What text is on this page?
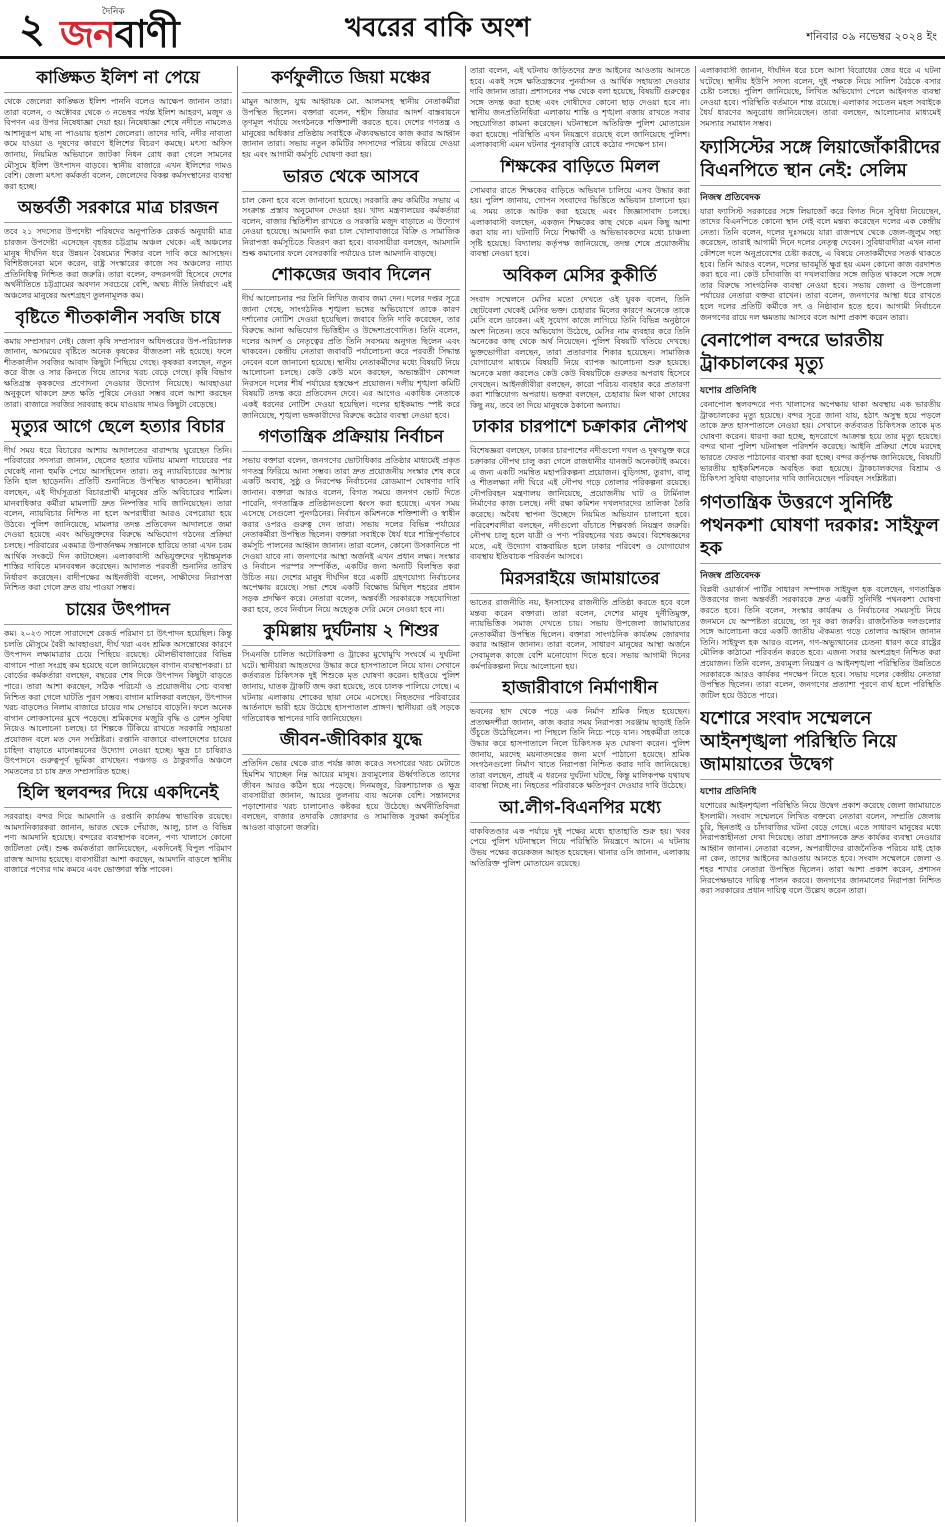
২	দৈনিক
জনবাণী	খবরের বাকি অংশ	শনিবার ০৯ নভেম্বর ২০২৪ ইং
কাঙ্ক্ষিত ইলিশ না পেয়ে

থেকে জেলেরা কাঙ্ক্ষিত ইলিশ পাননি বলেও আক্ষেপ জানান তারা। তারা বলেন, ৩ অক্টোবর থেকে ৩ নভেম্বর পর্যন্ত ইলিশ আহরণ, মজুদ ও বিপণন এর উপর নিষেধাজ্ঞা দেয়া হয়। নিষেধাজ্ঞা শেষে নদীতে নামলেও আশানুরূপ মাছ না পাওয়ায় হতাশ জেলেরা। তাদের দাবি, নদীর নাব্যতা কমে যাওয়া ও দূষণের কারণে ইলিশের বিচরণ কমছে। মৎস্য অফিস জানায়, নিয়মিত অভিযানে জাটকা নিধন রোধ করা গেলে সামনের মৌসুমে ইলিশ উৎপাদন বাড়বে। স্থানীয় বাজারে এখন ইলিশের দামও বেশি। জেলা মৎস্য কর্মকর্তা বলেন, জেলেদের বিকল্প কর্মসংস্থানের ব্যবস্থা করা হচ্ছে।

অন্তর্বর্তী সরকারে মাত্র চারজন

তবে ২১ সদস্যের উপদেষ্টা পরিষদের অনুপাতিক রেকর্ড অনুযায়ী মাত্র চারজন উপদেষ্টা এসেছেন বৃহত্তর চট্টগ্রাম অঞ্চল থেকে। এই অঞ্চলের মানুষ দীর্ঘদিন ধরে উন্নয়ন বৈষম্যের শিকার বলে দাবি করে আসছেন। বিশিষ্টজনেরা মনে করেন, রাষ্ট্র সংস্কারের কাজে সব অঞ্চলের ন্যায্য প্রতিনিধিত্ব নিশ্চিত করা জরুরি। তারা বলেন, বন্দরনগরী হিসেবে দেশের অর্থনীতিতে চট্টগ্রামের অবদান সবচেয়ে বেশি, অথচ নীতি নির্ধারণে এই অঞ্চলের মানুষের অংশগ্রহণ তুলনামূলক কম।

বৃষ্টিতে শীতকালীন সবজি চাষে

কমায় সম্প্রসারণ নেই। জেলা কৃষি সম্প্রসারণ অধিদপ্তরের উপ-পরিচালক জানান, অসময়ের বৃষ্টিতে অনেক কৃষকের বীজতলা নষ্ট হয়েছে। ফলে শীতকালীন সবজির আবাদ কিছুটা পিছিয়ে গেছে। কৃষকরা বলছেন, নতুন করে বীজ ও সার কিনতে গিয়ে তাদের খরচ বেড়ে গেছে। কৃষি বিভাগ ক্ষতিগ্রস্ত কৃষকদের প্রণোদনা দেওয়ার উদ্যোগ নিয়েছে। আবহাওয়া অনুকূলে থাকলে দ্রুত ক্ষতি পুষিয়ে নেওয়া সম্ভব বলে আশা করছেন তারা। বাজারে সবজির সরবরাহ কমে যাওয়ায় দামও কিছুটা বেড়েছে।

মৃত্যুর আগে ছেলে হত্যার বিচার

দীর্ঘ সময় ধরে বিচারের আশায় আদালতের বারান্দায় ঘুরেছেন তিনি। পরিবারের সদস্যরা জানান, ছেলের হত্যার ঘটনায় মামলা দায়েরের পর থেকেই নানা হুমকি পেয়ে আসছিলেন তারা। তবু ন্যায়বিচারের আশায় তিনি হাল ছাড়েননি। প্রতিটি শুনানিতে উপস্থিত থাকতেন। স্থানীয়রা বলছেন, এই দীর্ঘসূত্রতা বিচারপ্রার্থী মানুষের প্রতি অবিচারের শামিল। মানবাধিকার কর্মীরা মামলাটি দ্রুত নিষ্পত্তির দাবি জানিয়েছেন। তারা বলেন, ন্যায়বিচার নিশ্চিত না হলে অপরাধীরা আরও বেপরোয়া হয়ে উঠবে। পুলিশ জানিয়েছে, মামলার তদন্ত প্রতিবেদন আদালতে জমা দেওয়া হয়েছে এবং অভিযুক্তদের বিরুদ্ধে অভিযোগ গঠনের প্রক্রিয়া চলছে। পরিবারের একমাত্র উপার্জনক্ষম সন্তানকে হারিয়ে তারা এখন চরম আর্থিক সংকটে দিন কাটাচ্ছেন। এলাকাবাসী অভিযুক্তদের দৃষ্টান্তমূলক শাস্তির দাবিতে মানববন্ধন করেছেন। আদালত পরবর্তী শুনানির তারিখ নির্ধারণ করেছেন। বাদীপক্ষের আইনজীবী বলেন, সাক্ষীদের নিরাপত্তা নিশ্চিত করা গেলে দ্রুত রায় পাওয়া সম্ভব।

চায়ের উৎপাদন

কম। ২০২৩ সালে সারাদেশে রেকর্ড পরিমাণ চা উৎপাদন হয়েছিল। কিন্তু চলতি মৌসুমে বৈরী আবহাওয়া, দীর্ঘ খরা এবং শ্রমিক অসন্তোষের কারণে উৎপাদন লক্ষ্যমাত্রার চেয়ে পিছিয়ে রয়েছে। মৌলভীবাজারের বিভিন্ন বাগানে পাতা সংগ্রহ কম হয়েছে বলে জানিয়েছেন বাগান ব্যবস্থাপকরা। চা বোর্ডের কর্মকর্তারা বলছেন, বছরের শেষ দিকে উৎপাদন কিছুটা বাড়তে পারে। তারা আশা করছেন, সঠিক পরিচর্যা ও প্রয়োজনীয় সেচ ব্যবস্থা নিশ্চিত করা গেলে ঘাটতি পূরণ সম্ভব। বাগান মালিকরা বলছেন, উৎপাদন খরচ বাড়লেও নিলাম বাজারে চায়ের দাম সেভাবে বাড়েনি। ফলে অনেক বাগান লোকসানের মুখে পড়েছে। শ্রমিকদের মজুরি বৃদ্ধি ও রেশন সুবিধা নিয়েও আলোচনা চলছে। চা শিল্পকে টিকিয়ে রাখতে সরকারি সহায়তা প্রয়োজন বলে মত দেন সংশ্লিষ্টরা। রপ্তানি বাজারে বাংলাদেশের চায়ের চাহিদা বাড়াতে মানোন্নয়নের উদ্যোগ নেওয়া হচ্ছে। ক্ষুদ্র চা চাষিরাও উৎপাদনে গুরুত্বপূর্ণ ভূমিকা রাখছেন। পঞ্চগড় ও ঠাকুরগাঁও অঞ্চলে সমতলের চা চাষ দ্রুত সম্প্রসারিত হচ্ছে।

হিলি স্থলবন্দর দিয়ে একদিনেই

সরবরাহ। বন্দর দিয়ে আমদানি ও রপ্তানি কার্যক্রম স্বাভাবিক রয়েছে। আমদানিকারকরা জানান, ভারত থেকে পেঁয়াজ, আলু, চাল ও বিভিন্ন পণ্য আমদানি হয়েছে। বন্দরের ব্যবস্থাপক বলেন, পণ্য খালাসে কোনো জটিলতা নেই। শুল্ক কর্মকর্তারা জানিয়েছেন, একদিনেই বিপুল পরিমাণ রাজস্ব আদায় হয়েছে। ব্যবসায়ীরা আশা করছেন, আমদানি বাড়লে স্থানীয় বাজারে পণ্যের দাম কমবে এবং ভোক্তারা স্বস্তি পাবেন।

কর্ণফুলীতে জিয়া মঞ্চের

মামুন আজাদ, যুগ্ম আহ্বায়ক মো. আলমসহ স্থানীয় নেতাকর্মীরা উপস্থিত ছিলেন। বক্তারা বলেন, শহীদ জিয়ার আদর্শ বাস্তবায়নে তৃণমূল পর্যায়ে সংগঠনকে শক্তিশালী করতে হবে। দেশের গণতন্ত্র ও মানুষের অধিকার প্রতিষ্ঠায় সবাইকে ঐক্যবদ্ধভাবে কাজ করার আহ্বান জানান তারা। সভায় নতুন কমিটির সদস্যদের পরিচয় করিয়ে দেওয়া হয় এবং আগামী কর্মসূচি ঘোষণা করা হয়।

ভারত থেকে আসবে

চাল কেনা হবে বলে জানানো হয়েছে। সরকারি ক্রয় কমিটির সভায় এ সংক্রান্ত প্রস্তাব অনুমোদন দেওয়া হয়। খাদ্য মন্ত্রণালয়ের কর্মকর্তারা বলেন, বাজার স্থিতিশীল রাখতে ও সরকারি মজুদ বাড়াতে এ উদ্যোগ নেওয়া হয়েছে। আমদানি করা চাল খোলাবাজারে বিক্রি ও সামাজিক নিরাপত্তা কর্মসূচিতে বিতরণ করা হবে। ব্যবসায়ীরা বলছেন, আমদানি শুল্ক কমানোর ফলে বেসরকারি পর্যায়েও চাল আমদানি বাড়ছে।

শোকজের জবাব দিলেন

দীর্ঘ আলোচনার পর তিনি লিখিত জবাব জমা দেন। দলের দপ্তর সূত্রে জানা গেছে, সাংগঠনিক শৃঙ্খলা ভঙ্গের অভিযোগে তাকে কারণ দর্শানোর নোটিশ দেওয়া হয়েছিল। জবাবে তিনি দাবি করেছেন, তার বিরুদ্ধে আনা অভিযোগ ভিত্তিহীন ও উদ্দেশ্যপ্রণোদিত। তিনি বলেন, দলের আদর্শ ও নেতৃত্বের প্রতি তিনি সবসময় অনুগত ছিলেন এবং থাকবেন। কেন্দ্রীয় নেতারা জবাবটি পর্যালোচনা করে পরবর্তী সিদ্ধান্ত নেবেন বলে জানানো হয়েছে। স্থানীয় নেতাকর্মীদের মধ্যে বিষয়টি নিয়ে আলোচনা চলছে। কেউ কেউ মনে করছেন, অভ্যন্তরীণ কোন্দল নিরসনে দলের শীর্ষ পর্যায়ের হস্তক্ষেপ প্রয়োজন। দলীয় শৃঙ্খলা কমিটি বিষয়টি তদন্ত করে প্রতিবেদন দেবে। এর আগেও একাধিক নেতাকে একই ধরনের নোটিশ দেওয়া হয়েছিল। দলের হাইকমান্ড স্পষ্ট করে জানিয়েছে, শৃঙ্খলা ভঙ্গকারীদের বিরুদ্ধে কঠোর ব্যবস্থা নেওয়া হবে।

গণতান্ত্রিক প্রক্রিয়ায় নির্বাচন

সভায় বক্তারা বলেন, জনগণের ভোটাধিকার প্রতিষ্ঠার মাধ্যমেই প্রকৃত গণতন্ত্র ফিরিয়ে আনা সম্ভব। তারা দ্রুত প্রয়োজনীয় সংস্কার শেষ করে একটি অবাধ, সুষ্ঠু ও নিরপেক্ষ নির্বাচনের রোডম্যাপ ঘোষণার দাবি জানান। বক্তারা আরও বলেন, বিগত সময়ে জনগণ ভোট দিতে পারেনি, গণতান্ত্রিক প্রতিষ্ঠানগুলো ধ্বংস করা হয়েছে। এখন সময় এসেছে সেগুলো পুনর্গঠনের। নির্বাচন কমিশনকে শক্তিশালী ও স্বাধীন করার ওপরও গুরুত্ব দেন তারা। সভায় দলের বিভিন্ন পর্যায়ের নেতাকর্মীরা উপস্থিত ছিলেন। বক্তারা সবাইকে ধৈর্য ধরে শান্তিপূর্ণভাবে কর্মসূচি পালনের আহ্বান জানান। তারা বলেন, কোনো উসকানিতে পা দেওয়া যাবে না। জনগণের আস্থা অর্জনই এখন প্রধান লক্ষ্য। সংস্কার ও নির্বাচন পরস্পর সম্পর্কিত, একটির জন্য অন্যটি বিলম্বিত করা উচিত নয়। দেশের মানুষ দীর্ঘদিন ধরে একটি গ্রহণযোগ্য নির্বাচনের অপেক্ষায় রয়েছে। সভা শেষে একটি বিক্ষোভ মিছিল শহরের প্রধান সড়ক প্রদক্ষিণ করে। নেতারা বলেন, অন্তর্বর্তী সরকারকে সহযোগিতা করা হবে, তবে নির্বাচন নিয়ে অহেতুক দেরি মেনে নেওয়া হবে না।

কুমিল্লায় দুর্ঘটনায় ২ শিশুর

সিএনজি চালিত অটোরিকশা ও ট্রাকের মুখোমুখি সংঘর্ষে এ দুর্ঘটনা ঘটে। স্থানীয়রা আহতদের উদ্ধার করে হাসপাতালে নিয়ে যান। সেখানে কর্তব্যরত চিকিৎসক দুই শিশুকে মৃত ঘোষণা করেন। হাইওয়ে পুলিশ জানায়, ঘাতক ট্রাকটি জব্দ করা হয়েছে, তবে চালক পালিয়ে গেছে। এ ঘটনায় এলাকায় শোকের ছায়া নেমে এসেছে। নিহতদের পরিবারের আর্তনাদে ভারী হয়ে উঠেছে হাসপাতাল প্রাঙ্গণ। স্থানীয়রা ওই সড়কে গতিরোধক স্থাপনের দাবি জানিয়েছেন।

জীবন-জীবিকার যুদ্ধে

প্রতিদিন ভোর থেকে রাত পর্যন্ত কাজ করেও সংসারের খরচ মেটাতে হিমশিম খাচ্ছেন নিম্ন আয়ের মানুষ। দ্রব্যমূল্যের ঊর্ধ্বগতিতে তাদের জীবন আরও কঠিন হয়ে পড়েছে। দিনমজুর, রিকশাচালক ও ক্ষুদ্র ব্যবসায়ীরা জানান, আয়ের তুলনায় ব্যয় অনেক বেশি। সন্তানদের পড়াশোনার খরচ চালানোও কষ্টকর হয়ে উঠেছে। অর্থনীতিবিদরা বলছেন, বাজার তদারকি জোরদার ও সামাজিক সুরক্ষা কর্মসূচির আওতা বাড়ানো জরুরি।

তারা বলেন, এই ঘটনায় জড়িতদের দ্রুত আইনের আওতায় আনতে হবে। একই সঙ্গে ক্ষতিগ্রস্তদের পুনর্বাসন ও আর্থিক সহায়তা দেওয়ার দাবি জানান তারা। প্রশাসনের পক্ষ থেকে বলা হয়েছে, বিষয়টি গুরুত্বের সঙ্গে তদন্ত করা হচ্ছে এবং দোষীদের কোনো ছাড় দেওয়া হবে না। স্থানীয় জনপ্রতিনিধিরা এলাকায় শান্তি ও শৃঙ্খলা বজায় রাখতে সবার সহযোগিতা কামনা করেছেন। ঘটনাস্থলে অতিরিক্ত পুলিশ মোতায়েন করা হয়েছে। পরিস্থিতি এখন নিয়ন্ত্রণে রয়েছে বলে জানিয়েছে পুলিশ। এলাকাবাসী এমন ঘটনার পুনরাবৃত্তি রোধে কঠোর পদক্ষেপ চান।

শিক্ষকের বাড়িতে মিলল

সোমবার রাতে শিক্ষকের বাড়িতে অভিযান চালিয়ে এসব উদ্ধার করা হয়। পুলিশ জানায়, গোপন সংবাদের ভিত্তিতে অভিযান চালানো হয়। এ সময় তাকে আটক করা হয়েছে এবং জিজ্ঞাসাবাদ চলছে। এলাকাবাসী বলছেন, একজন শিক্ষকের কাছ থেকে এমন কিছু আশা করা যায় না। ঘটনাটি নিয়ে শিক্ষার্থী ও অভিভাবকদের মধ্যে চাঞ্চল্য সৃষ্টি হয়েছে। বিদ্যালয় কর্তৃপক্ষ জানিয়েছে, তদন্ত শেষে প্রয়োজনীয় ব্যবস্থা নেওয়া হবে।

অবিকল মেসির কুকীর্তি

সংবাদ সম্মেলনে মেসির মতো দেখতে ওই যুবক বলেন, তিনি ছোটবেলা থেকেই মেসির ভক্ত। চেহারার মিলের কারণে অনেকে তাকে মেসি বলে ডাকেন। এই সুযোগ কাজে লাগিয়ে তিনি বিভিন্ন অনুষ্ঠানে অংশ নিতেন। তবে অভিযোগ উঠেছে, মেসির নাম ব্যবহার করে তিনি অনেকের কাছ থেকে অর্থ নিয়েছেন। পুলিশ বিষয়টি খতিয়ে দেখছে। ভুক্তভোগীরা বলছেন, তারা প্রতারণার শিকার হয়েছেন। সামাজিক যোগাযোগ মাধ্যমে বিষয়টি নিয়ে ব্যাপক আলোচনা শুরু হয়েছে। অনেকে মজা করলেও কেউ কেউ বিষয়টিকে গুরুতর অপরাধ হিসেবে দেখছেন। আইনজীবীরা বলছেন, কারো পরিচয় ব্যবহার করে প্রতারণা করা শাস্তিযোগ্য অপরাধ। ভক্তরা বলছেন, চেহারায় মিল থাকা দোষের কিছু নয়, তবে তা দিয়ে মানুষকে ঠকানো অন্যায়।

ঢাকার চারপাশে চক্রাকার নৌপথ

বিশেষজ্ঞরা বলছেন, ঢাকার চারপাশের নদীগুলো দখল ও দূষণমুক্ত করে চক্রাকার নৌপথ চালু করা গেলে রাজধানীর যানজট অনেকটাই কমবে। এ জন্য একটি সমন্বিত মহাপরিকল্পনা প্রয়োজন। বুড়িগঙ্গা, তুরাগ, বালু ও শীতলক্ষ্যা নদী ঘিরে এই নৌপথ গড়ে তোলার পরিকল্পনা রয়েছে। নৌপরিবহন মন্ত্রণালয় জানিয়েছে, প্রয়োজনীয় ঘাট ও টার্মিনাল নির্মাণের কাজ চলছে। নদী রক্ষা কমিশন দখলদারদের তালিকা তৈরি করেছে। অবৈধ স্থাপনা উচ্ছেদে নিয়মিত অভিযান চালানো হবে। পরিবেশবাদীরা বলছেন, নদীগুলো বাঁচাতে শিল্পবর্জ্য নিয়ন্ত্রণ জরুরি। নৌপথ চালু হলে যাত্রী ও পণ্য পরিবহনের খরচ কমবে। বিশেষজ্ঞদের মতে, এই উদ্যোগ বাস্তবায়িত হলে ঢাকার পরিবেশ ও যোগাযোগ ব্যবস্থায় ইতিবাচক পরিবর্তন আসবে।

মিরসরাইয়ে জামায়াতের

ভাতের রাজনীতি নয়, ইনসাফের রাজনীতি প্রতিষ্ঠা করতে হবে বলে মন্তব্য করেন বক্তারা। তারা বলেন, দেশের মানুষ দুর্নীতিমুক্ত, ন্যায়ভিত্তিক সমাজ দেখতে চায়। সভায় উপজেলা জামায়াতের নেতাকর্মীরা উপস্থিত ছিলেন। বক্তারা সাংগঠনিক কার্যক্রম জোরদার করার আহ্বান জানান। তারা বলেন, সাধারণ মানুষের আস্থা অর্জনে সেবামূলক কাজে বেশি মনোযোগ দিতে হবে। সভায় আগামী দিনের কর্মপরিকল্পনা নিয়ে আলোচনা হয়।

হাজারীবাগে নির্মাণাধীন

ভবনের ছাদ থেকে পড়ে এক নির্মাণ শ্রমিক নিহত হয়েছেন। প্রত্যক্ষদর্শীরা জানান, কাজ করার সময় নিরাপত্তা সরঞ্জাম ছাড়াই তিনি উঁচুতে উঠেছিলেন। পা পিছলে তিনি নিচে পড়ে যান। সহকর্মীরা তাকে উদ্ধার করে হাসপাতালে নিলে চিকিৎসক মৃত ঘোষণা করেন। পুলিশ জানায়, মরদেহ ময়নাতদন্তের জন্য মর্গে পাঠানো হয়েছে। শ্রমিক সংগঠনগুলো নির্মাণ খাতে নিরাপত্তা নিশ্চিত করার দাবি জানিয়েছে। তারা বলছেন, প্রায়ই এ ধরনের দুর্ঘটনা ঘটছে, কিন্তু মালিকপক্ষ যথাযথ ব্যবস্থা নিচ্ছে না। নিহতের পরিবারকে ক্ষতিপূরণ দেওয়ার দাবি উঠেছে।

আ.লীগ-বিএনপির মধ্যে

বাকবিতণ্ডার এক পর্যায়ে দুই পক্ষের মধ্যে হাতাহাতি শুরু হয়। খবর পেয়ে পুলিশ ঘটনাস্থলে গিয়ে পরিস্থিতি নিয়ন্ত্রণে আনে। এ ঘটনায় উভয় পক্ষের কয়েকজন আহত হয়েছেন। থানার ওসি জানান, এলাকায় অতিরিক্ত পুলিশ মোতায়েন রয়েছে।

এলাকাবাসী জানান, দীর্ঘদিন ধরে চলে আসা বিরোধের জের ধরে এ ঘটনা ঘটেছে। স্থানীয় ইউপি সদস্য বলেন, দুই পক্ষকে নিয়ে সালিশ বৈঠকে বসার চেষ্টা চলছে। পুলিশ জানিয়েছে, লিখিত অভিযোগ পেলে আইনগত ব্যবস্থা নেওয়া হবে। পরিস্থিতি বর্তমানে শান্ত রয়েছে। এলাকার সচেতন মহল সবাইকে ধৈর্য ধারণের অনুরোধ জানিয়েছেন। তারা বলছেন, আলোচনার মাধ্যমেই সমস্যার সমাধান সম্ভব।

ফ্যাসিস্টের সঙ্গে লিয়াজোঁকারীদের বিএনপিতে স্থান নেই: সেলিম

নিজস্ব প্রতিবেদক

যারা ফ্যাসিস্ট সরকারের সঙ্গে লিয়াজোঁ করে বিগত দিনে সুবিধা নিয়েছেন, তাদের বিএনপিতে কোনো স্থান নেই বলে মন্তব্য করেছেন দলের এক কেন্দ্রীয় নেতা। তিনি বলেন, দলের দুঃসময়ে যারা রাজপথে থেকে জেল-জুলুম সহ্য করেছেন, তারাই আগামী দিনে দলের নেতৃত্ব দেবেন। সুবিধাবাদীরা এখন নানা কৌশলে দলে অনুপ্রবেশের চেষ্টা করছে, এ বিষয়ে নেতাকর্মীদের সতর্ক থাকতে হবে। তিনি আরও বলেন, দলের ভাবমূর্তি ক্ষুণ্ণ হয় এমন কোনো কাজ বরদাশত করা হবে না। কেউ চাঁদাবাজি বা দখলবাজির সঙ্গে জড়িত থাকলে সঙ্গে সঙ্গে তার বিরুদ্ধে সাংগঠনিক ব্যবস্থা নেওয়া হবে। সভায় জেলা ও উপজেলা পর্যায়ের নেতারা বক্তব্য রাখেন। তারা বলেন, জনগণের আস্থা ধরে রাখতে হলে দলের প্রতিটি কর্মীকে সৎ ও নিষ্ঠাবান হতে হবে। আগামী নির্বাচনে জনগণের রায়ে দল ক্ষমতায় আসবে বলে আশা প্রকাশ করেন তারা।

বেনাপোল বন্দরে ভারতীয় ট্রাকচালকের মৃত্যু

যশোর প্রতিনিধি

বেনাপোল স্থলবন্দরে পণ্য খালাসের অপেক্ষায় থাকা অবস্থায় এক ভারতীয় ট্রাকচালকের মৃত্যু হয়েছে। বন্দর সূত্রে জানা যায়, হঠাৎ অসুস্থ হয়ে পড়লে তাকে দ্রুত হাসপাতালে নেওয়া হয়। সেখানে কর্তব্যরত চিকিৎসক তাকে মৃত ঘোষণা করেন। ধারণা করা হচ্ছে, হৃদরোগে আক্রান্ত হয়ে তার মৃত্যু হয়েছে। বন্দর থানা পুলিশ ঘটনাস্থল পরিদর্শন করেছে। আইনি প্রক্রিয়া শেষে মরদেহ ভারতে ফেরত পাঠানোর ব্যবস্থা করা হচ্ছে। বন্দর কর্তৃপক্ষ জানিয়েছে, বিষয়টি ভারতীয় হাইকমিশনকে অবহিত করা হয়েছে। ট্রাকচালকদের বিশ্রাম ও চিকিৎসা সুবিধা বাড়ানোর দাবি জানিয়েছেন পরিবহন সংশ্লিষ্টরা।

গণতান্ত্রিক উত্তরণে সুনির্দিষ্ট পথনকশা ঘোষণা দরকার: সাইফুল হক

নিজস্ব প্রতিবেদক

বিপ্লবী ওয়ার্কার্স পার্টির সাধারণ সম্পাদক সাইফুল হক বলেছেন, গণতান্ত্রিক উত্তরণের জন্য অন্তর্বর্তী সরকারকে দ্রুত একটি সুনির্দিষ্ট পথনকশা ঘোষণা করতে হবে। তিনি বলেন, সংস্কার কার্যক্রম ও নির্বাচনের সময়সূচি নিয়ে জনমনে যে অস্পষ্টতা রয়েছে, তা দূর করা জরুরি। রাজনৈতিক দলগুলোর সঙ্গে আলোচনা করে একটি জাতীয় ঐকমত্য গড়ে তোলার আহ্বান জানান তিনি। সাইফুল হক আরও বলেন, গণ-অভ্যুত্থানের চেতনা ধারণ করে রাষ্ট্রের মৌলিক কাঠামো পরিবর্তন করতে হবে। এজন্য সবার অংশগ্রহণ নিশ্চিত করা প্রয়োজন। তিনি বলেন, দ্রব্যমূল্য নিয়ন্ত্রণ ও আইনশৃঙ্খলা পরিস্থিতির উন্নতিতে সরকারকে আরও কার্যকর পদক্ষেপ নিতে হবে। সভায় দলের কেন্দ্রীয় নেতারা উপস্থিত ছিলেন। তারা বলেন, জনগণের প্রত্যাশা পূরণে ব্যর্থ হলে পরিস্থিতি জটিল হয়ে উঠতে পারে।

যশোরে সংবাদ সম্মেলনে আইনশৃঙ্খলা পরিস্থিতি নিয়ে জামায়াতের উদ্বেগ

যশোর প্রতিনিধি

যশোরের আইনশৃঙ্খলা পরিস্থিতি নিয়ে উদ্বেগ প্রকাশ করেছে জেলা জামায়াতে ইসলামী। সংবাদ সম্মেলনে লিখিত বক্তব্যে নেতারা বলেন, সম্প্রতি জেলায় চুরি, ছিনতাই ও চাঁদাবাজির ঘটনা বেড়ে গেছে। এতে সাধারণ মানুষের মধ্যে নিরাপত্তাহীনতা দেখা দিয়েছে। তারা প্রশাসনকে দ্রুত কার্যকর ব্যবস্থা নেওয়ার আহ্বান জানান। নেতারা বলেন, অপরাধীদের রাজনৈতিক পরিচয় যাই হোক না কেন, তাদের আইনের আওতায় আনতে হবে। সংবাদ সম্মেলনে জেলা ও শহর শাখার নেতারা উপস্থিত ছিলেন। তারা আশা প্রকাশ করেন, প্রশাসন নিরপেক্ষভাবে দায়িত্ব পালন করবে। জনগণের জানমালের নিরাপত্তা নিশ্চিত করা সরকারের প্রধান দায়িত্ব বলে উল্লেখ করেন তারা।
